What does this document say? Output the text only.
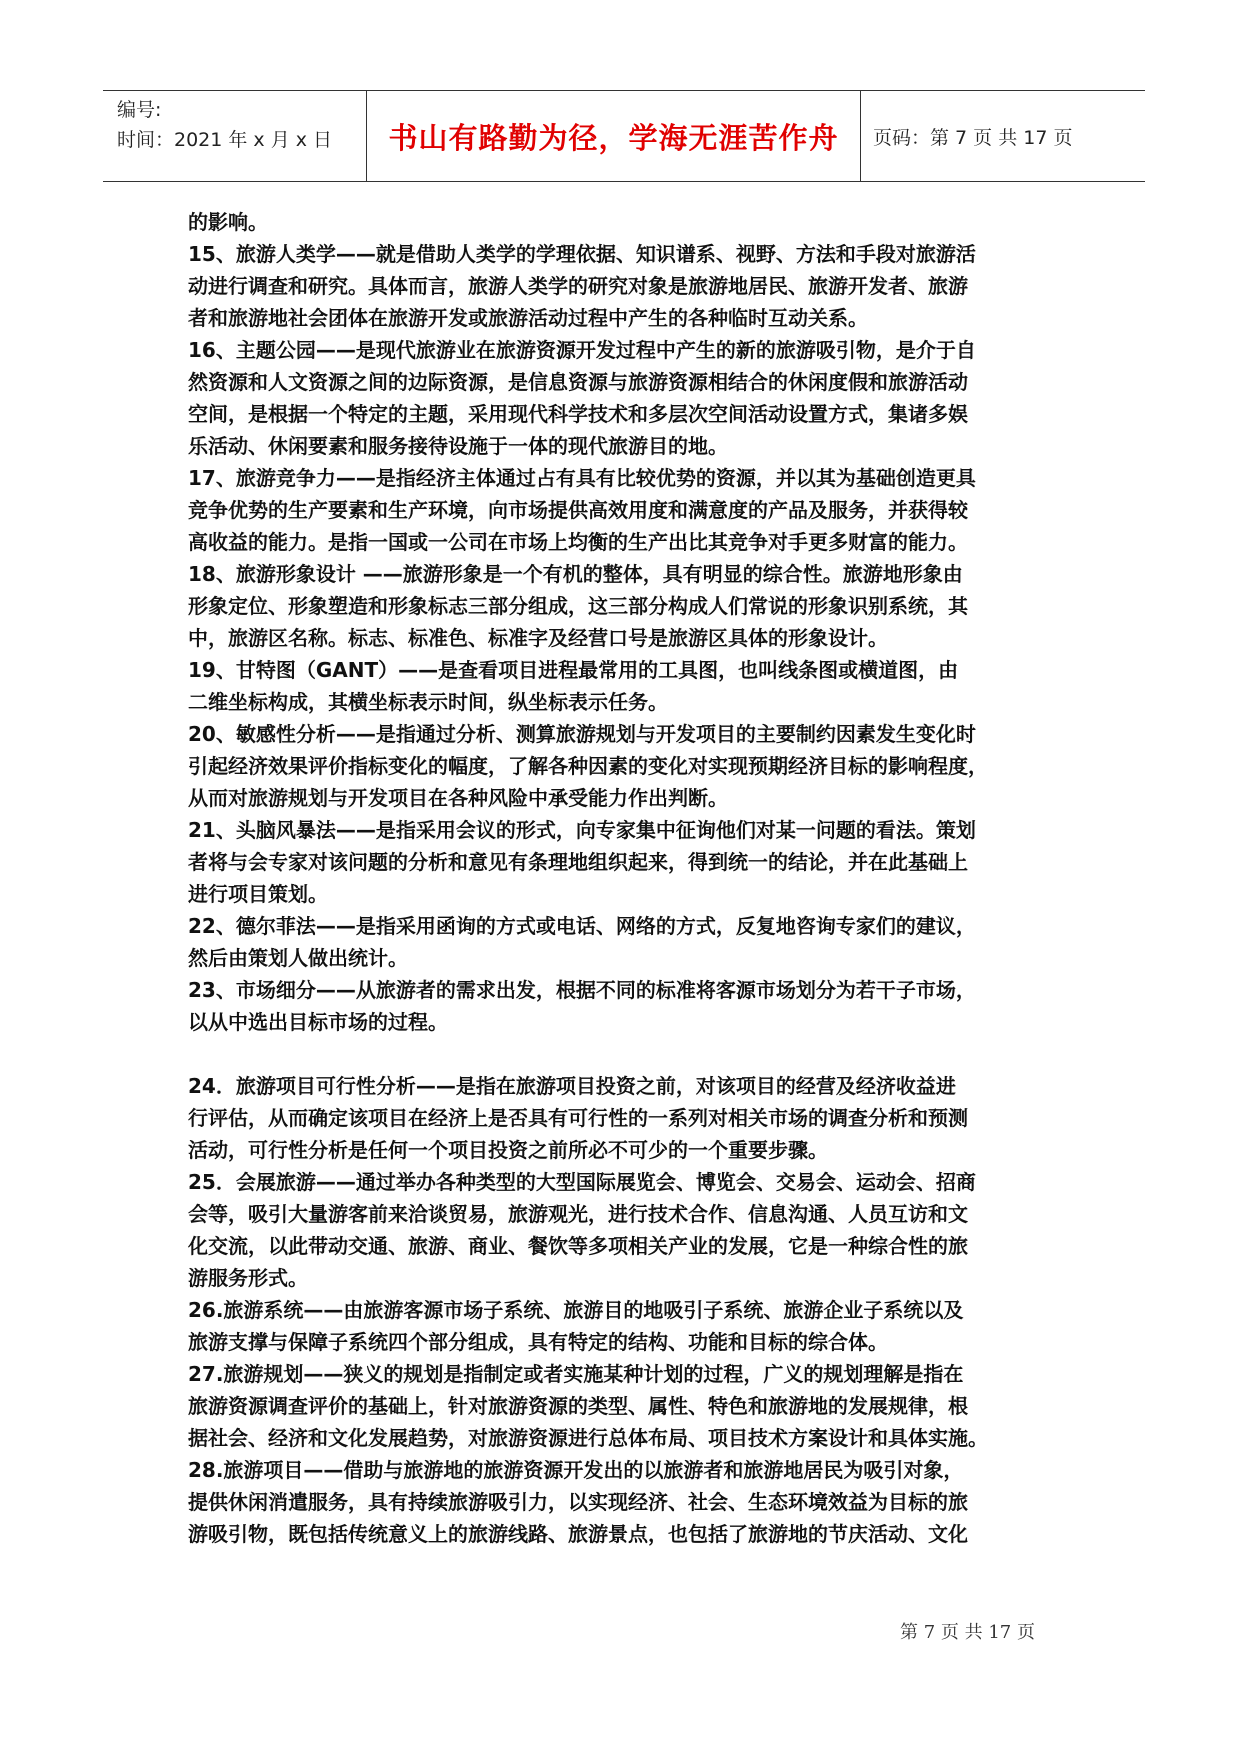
编号:
时间：2021 年 x 月 x 日	书山有路勤为径，学海无涯苦作舟	页码：第 7 页 共 17 页
的影响。
15、旅游人类学——就是借助人类学的学理依据、知识谱系、视野、方法和手段对旅游活
动进行调查和研究。具体而言，旅游人类学的研究对象是旅游地居民、旅游开发者、旅游
者和旅游地社会团体在旅游开发或旅游活动过程中产生的各种临时互动关系。
16、主题公园——是现代旅游业在旅游资源开发过程中产生的新的旅游吸引物，是介于自
然资源和人文资源之间的边际资源，是信息资源与旅游资源相结合的休闲度假和旅游活动
空间，是根据一个特定的主题，采用现代科学技术和多层次空间活动设置方式，集诸多娱
乐活动、休闲要素和服务接待设施于一体的现代旅游目的地。
17、旅游竞争力——是指经济主体通过占有具有比较优势的资源，并以其为基础创造更具
竞争优势的生产要素和生产环境，向市场提供高效用度和满意度的产品及服务，并获得较
高收益的能力。是指一国或一公司在市场上均衡的生产出比其竞争对手更多财富的能力。
18、旅游形象设计 ——旅游形象是一个有机的整体，具有明显的综合性。旅游地形象由
形象定位、形象塑造和形象标志三部分组成，这三部分构成人们常说的形象识别系统，其
中，旅游区名称。标志、标准色、标准字及经营口号是旅游区具体的形象设计。
19、甘特图（GANT）——是查看项目进程最常用的工具图，也叫线条图或横道图，由
二维坐标构成，其横坐标表示时间，纵坐标表示任务。
20、敏感性分析——是指通过分析、测算旅游规划与开发项目的主要制约因素发生变化时
引起经济效果评价指标变化的幅度，了解各种因素的变化对实现预期经济目标的影响程度，
从而对旅游规划与开发项目在各种风险中承受能力作出判断。
21、头脑风暴法——是指采用会议的形式，向专家集中征询他们对某一问题的看法。策划
者将与会专家对该问题的分析和意见有条理地组织起来，得到统一的结论，并在此基础上
进行项目策划。
22、德尔菲法——是指采用函询的方式或电话、网络的方式，反复地咨询专家们的建议，
然后由策划人做出统计。
23、市场细分——从旅游者的需求出发，根据不同的标准将客源市场划分为若干子市场，
以从中选出目标市场的过程。
24．旅游项目可行性分析——是指在旅游项目投资之前，对该项目的经营及经济收益进
行评估，从而确定该项目在经济上是否具有可行性的一系列对相关市场的调查分析和预测
活动，可行性分析是任何一个项目投资之前所必不可少的一个重要步骤。
25．会展旅游——通过举办各种类型的大型国际展览会、博览会、交易会、运动会、招商
会等，吸引大量游客前来洽谈贸易，旅游观光，进行技术合作、信息沟通、人员互访和文
化交流，以此带动交通、旅游、商业、餐饮等多项相关产业的发展，它是一种综合性的旅
游服务形式。
26.旅游系统——由旅游客源市场子系统、旅游目的地吸引子系统、旅游企业子系统以及
旅游支撑与保障子系统四个部分组成，具有特定的结构、功能和目标的综合体。
27.旅游规划——狭义的规划是指制定或者实施某种计划的过程，广义的规划理解是指在
旅游资源调查评价的基础上，针对旅游资源的类型、属性、特色和旅游地的发展规律，根
据社会、经济和文化发展趋势，对旅游资源进行总体布局、项目技术方案设计和具体实施。
28.旅游项目——借助与旅游地的旅游资源开发出的以旅游者和旅游地居民为吸引对象，
提供休闲消遣服务，具有持续旅游吸引力，以实现经济、社会、生态环境效益为目标的旅
游吸引物，既包括传统意义上的旅游线路、旅游景点，也包括了旅游地的节庆活动、文化
第 7 页 共 17 页
